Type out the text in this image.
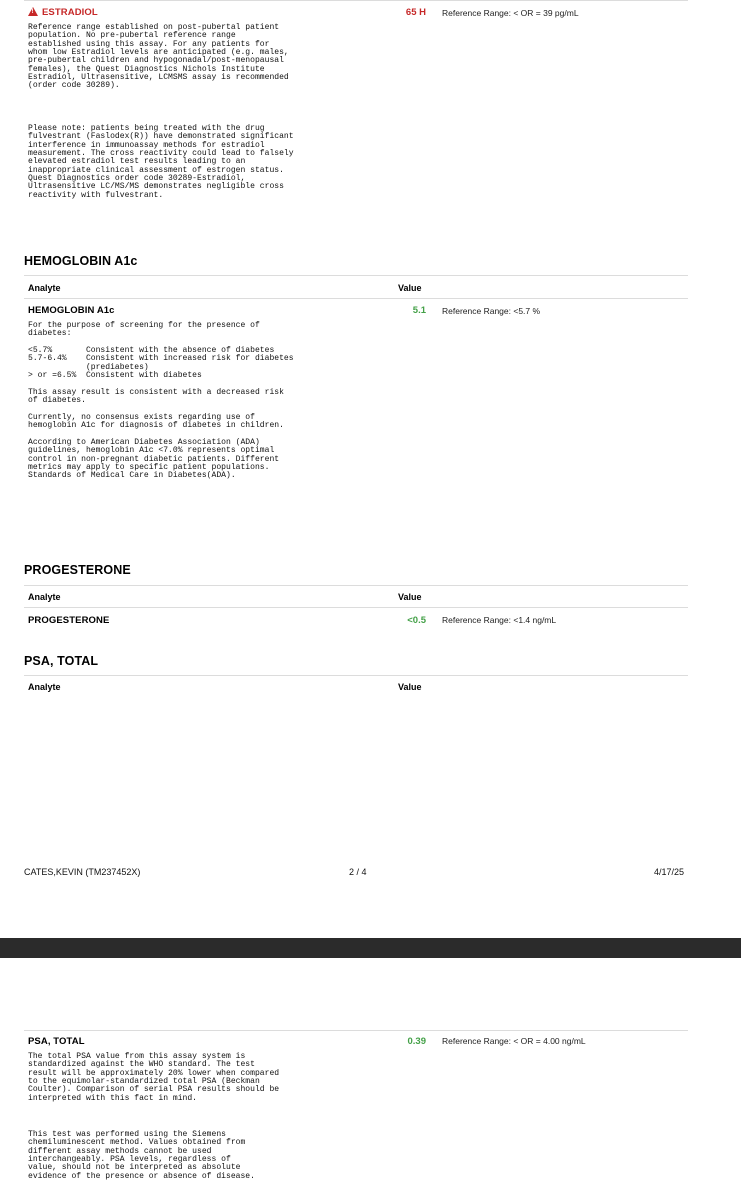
!ESTRADIOL	65 H Reference Range: < OR = 39 pg/mL
Reference range established on post-pubertal patient
population. No pre-pubertal reference range
established using this assay. For any patients for
whom low Estradiol levels are anticipated (e.g. males,
pre-pubertal children and hypogonadal/post-menopausal
females), the Quest Diagnostics Nichols Institute
Estradiol, Ultrasensitive, LCMSMS assay is recommended
(order code 30289).
Please note: patients being treated with the drug
fulvestrant (Faslodex(R)) have demonstrated significant
interference in immunoassay methods for estradiol
measurement. The cross reactivity could lead to falsely
elevated estradiol test results leading to an
inappropriate clinical assessment of estrogen status.
Quest Diagnostics order code 30289-Estradiol,
Ultrasensitive LC/MS/MS demonstrates negligible cross
reactivity with fulvestrant.
HEMOGLOBIN A1c
Analyte	Value
HEMOGLOBIN A1c	5.1 Reference Range: <5.7 %
For the purpose of screening for the presence of
diabetes:

<5.7%       Consistent with the absence of diabetes
5.7-6.4%    Consistent with increased risk for diabetes
(prediabetes)
> or =6.5%  Consistent with diabetes

This assay result is consistent with a decreased risk
of diabetes.

Currently, no consensus exists regarding use of
hemoglobin A1c for diagnosis of diabetes in children.

According to American Diabetes Association (ADA)
guidelines, hemoglobin A1c <7.0% represents optimal
control in non-pregnant diabetic patients. Different
metrics may apply to specific patient populations.
Standards of Medical Care in Diabetes(ADA).
PROGESTERONE
Analyte	Value
PROGESTERONE	<0.5 Reference Range: <1.4 ng/mL
PSA, TOTAL
Analyte	Value
CATES,KEVIN (TM237452X)	2 / 4	4/17/25
PSA, TOTAL	0.39 Reference Range: < OR = 4.00 ng/mL
The total PSA value from this assay system is
standardized against the WHO standard. The test
result will be approximately 20% lower when compared
to the equimolar-standardized total PSA (Beckman
Coulter). Comparison of serial PSA results should be
interpreted with this fact in mind.
This test was performed using the Siemens
chemiluminescent method. Values obtained from
different assay methods cannot be used
interchangeably. PSA levels, regardless of
value, should not be interpreted as absolute
evidence of the presence or absence of disease.
